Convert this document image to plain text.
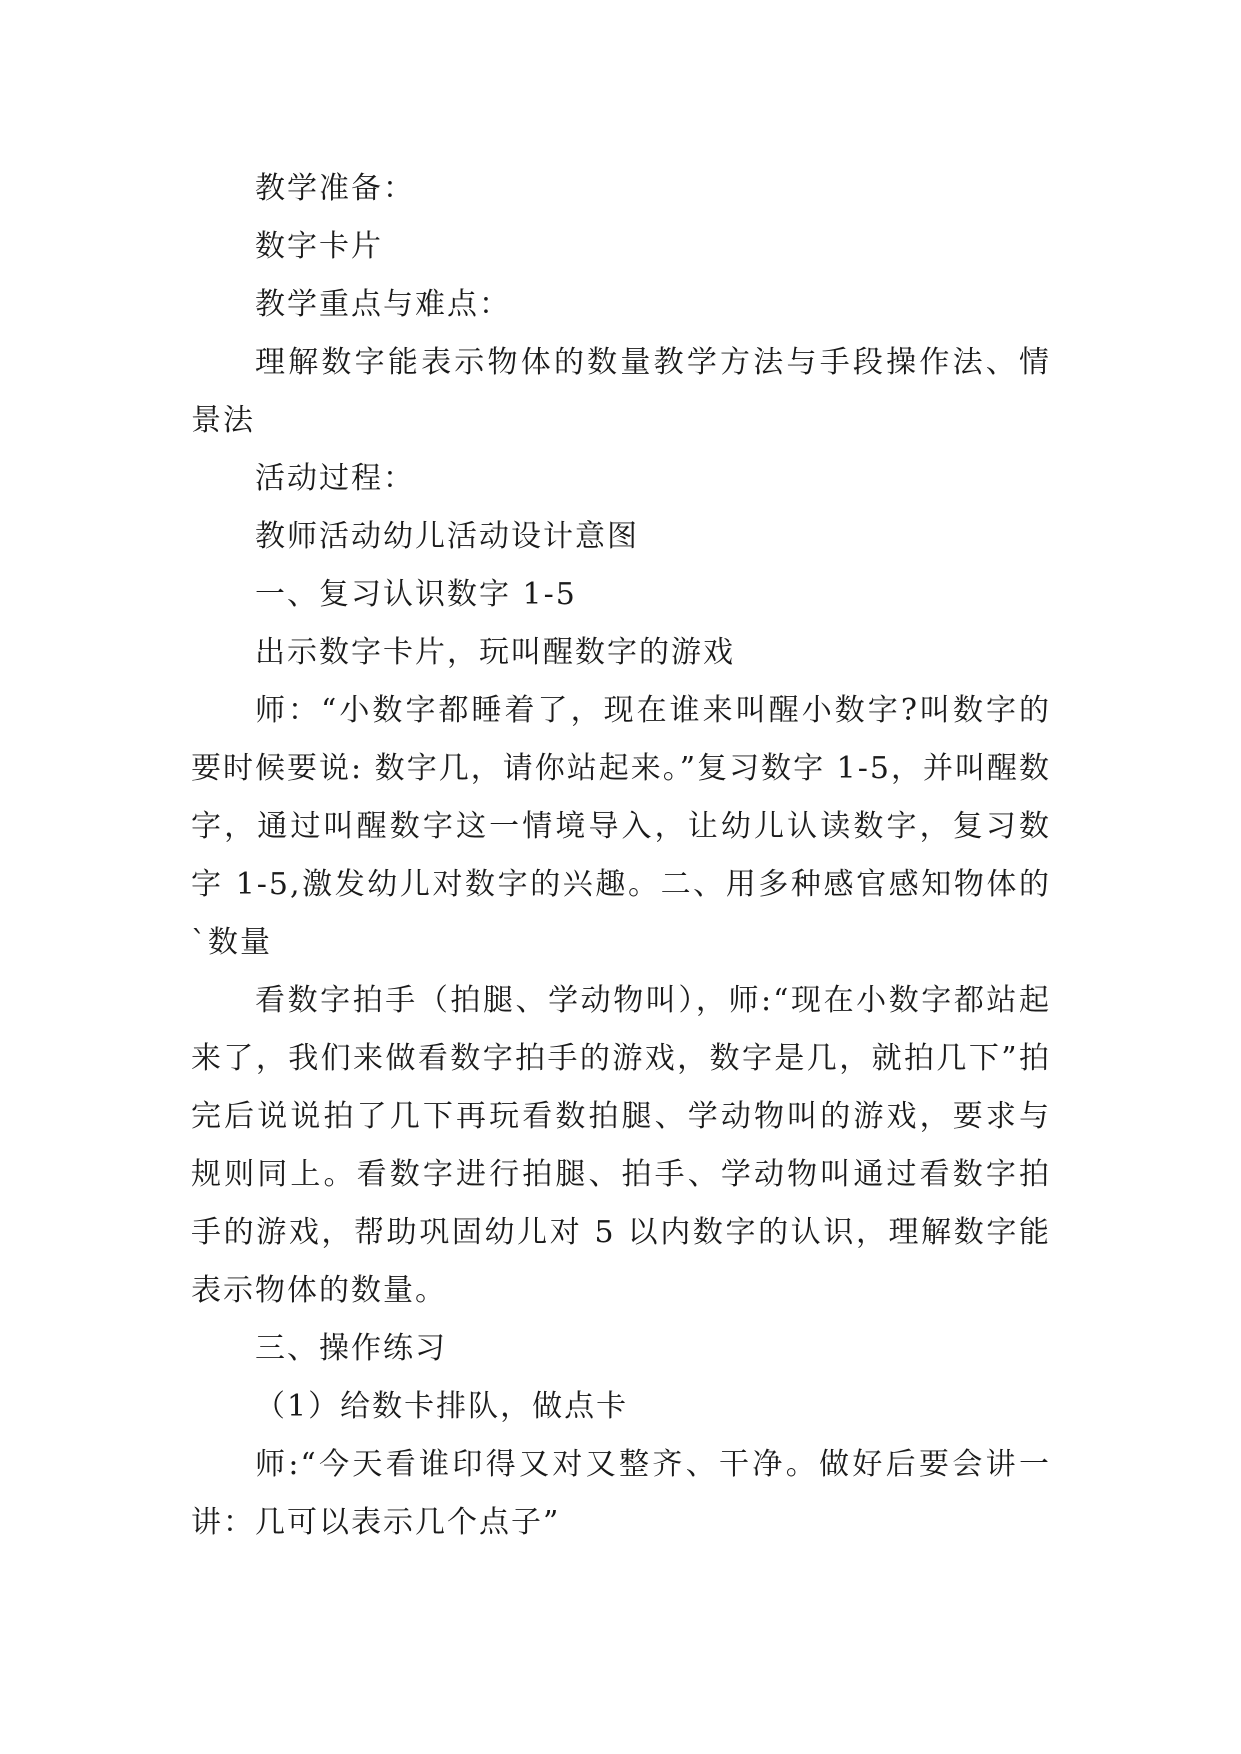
教学准备：

数字卡片

教学重点与难点：

理解数字能表示物体的数量教学方法与手段操作法、情景法

活动过程：

教师活动幼儿活动设计意图

一、复习认识数字 1-5

出示数字卡片，玩叫醒数字的游戏

师：“小数字都睡着了，现在谁来叫醒小数字?叫数字的要时候要说: 数字几，请你站起来。”复习数字 1-5，并叫醒数字，通过叫醒数字这一情境导入，让幼儿认读数字，复习数字 1-5,激发幼儿对数字的兴趣。二、用多种感官感知物体的`数量

看数字拍手（拍腿、学动物叫），师:“现在小数字都站起来了，我们来做看数字拍手的游戏，数字是几，就拍几下”拍完后说说拍了几下再玩看数拍腿、学动物叫的游戏，要求与规则同上。看数字进行拍腿、拍手、学动物叫通过看数字拍手的游戏，帮助巩固幼儿对 5 以内数字的认识，理解数字能表示物体的数量。

三、操作练习

（1）给数卡排队，做点卡

师:“今天看谁印得又对又整齐、干净。做好后要会讲一讲：几可以表示几个点子”
